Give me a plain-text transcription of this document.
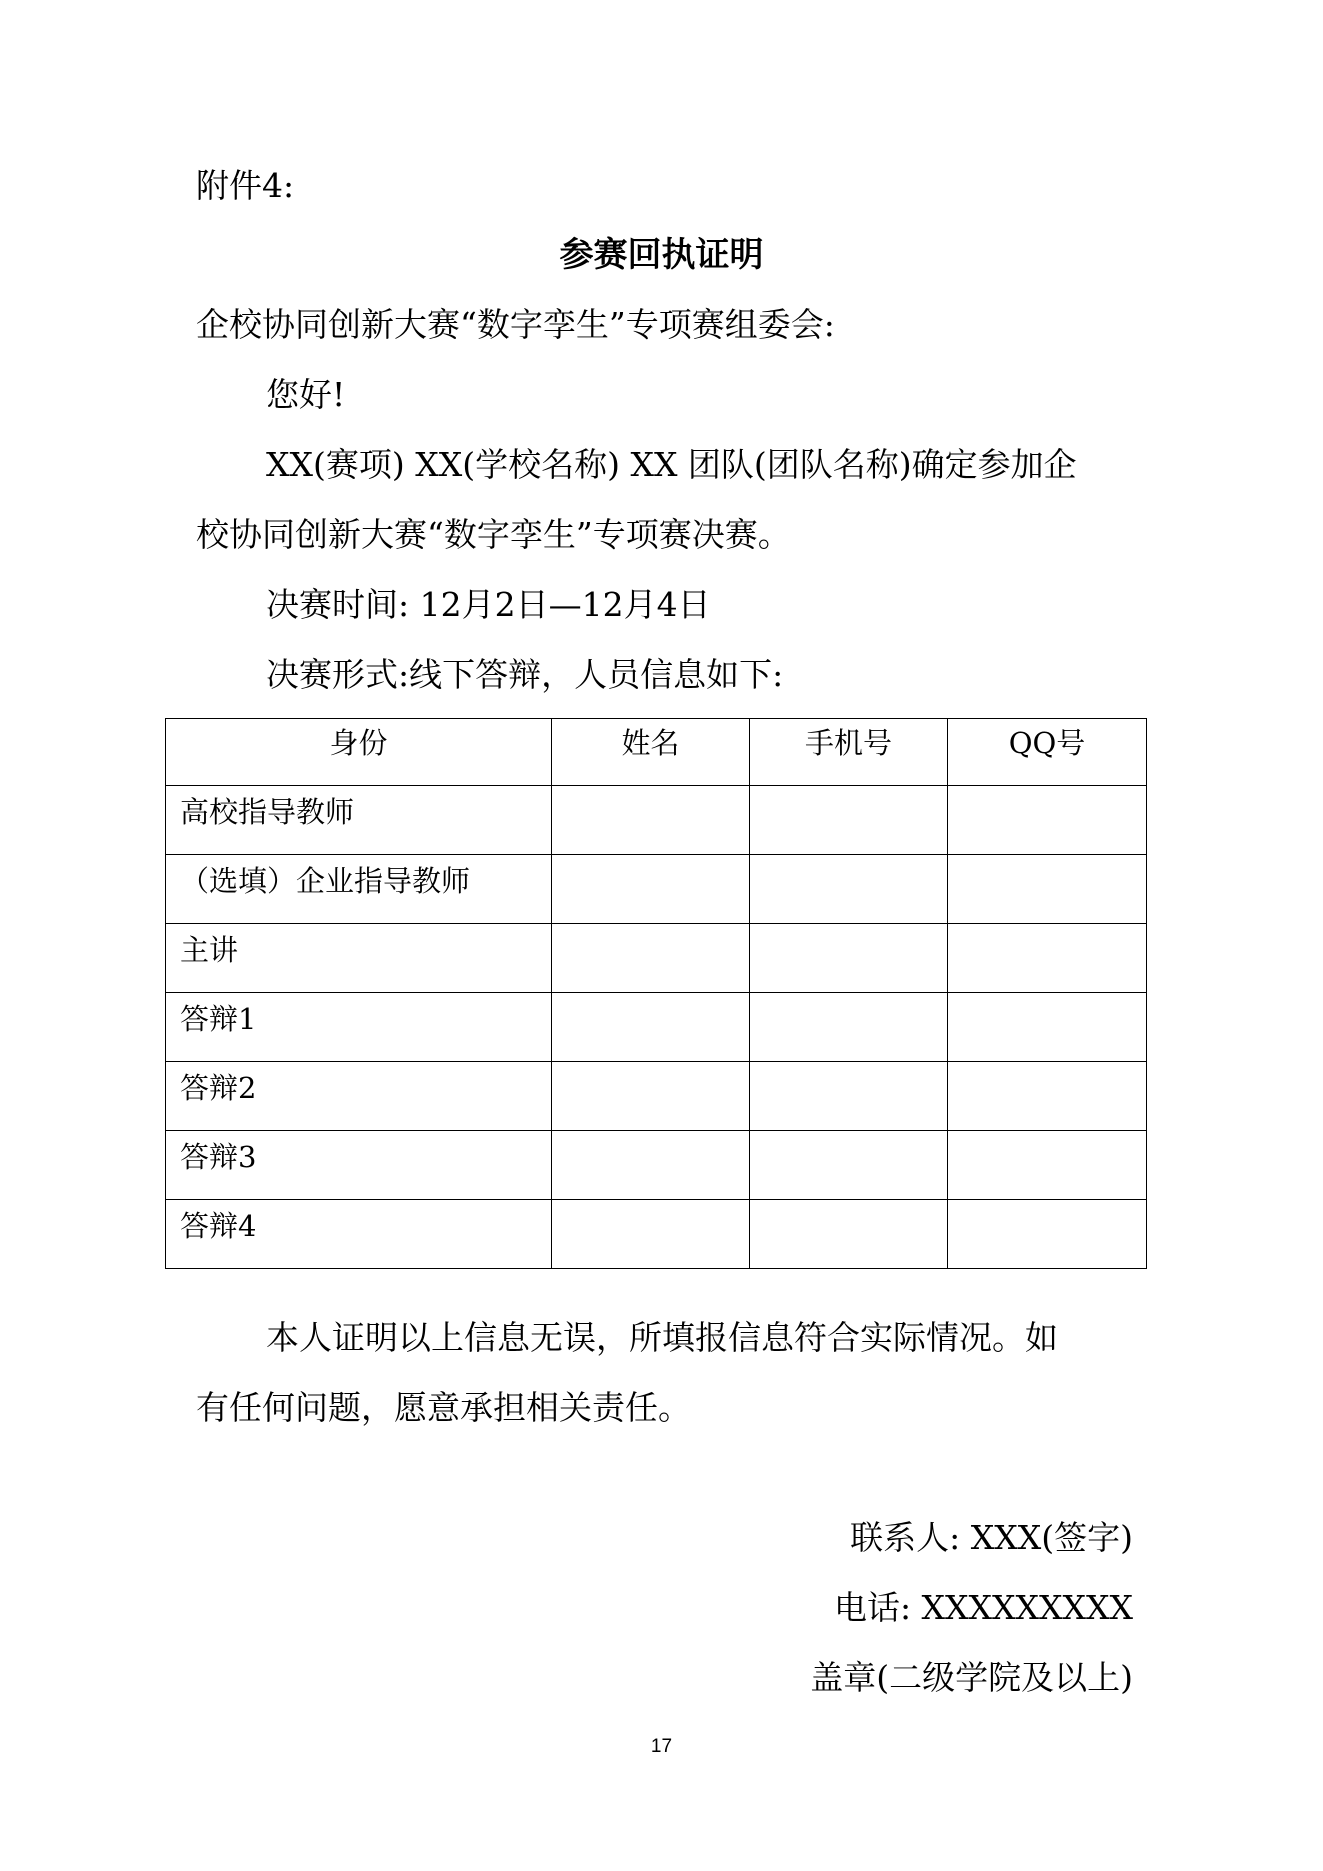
附件4:
参赛回执证明
企校协同创新大赛“数字孪生”专项赛组委会:
您好!
XX(赛项) XX(学校名称) XX 团队(团队名称)确定参加企
校协同创新大赛“数字孪生”专项赛决赛。
决赛时间: 12月2日—12月4日
决赛形式:线下答辩，人员信息如下:
身份	姓名	手机号	QQ号
高校指导教师			
（选填）企业指导教师			
主讲			
答辩1			
答辩2			
答辩3			
答辩4			
本人证明以上信息无误，所填报信息符合实际情况。如
有任何问题，愿意承担相关责任。
联系人: XXX(签字)
电话: XXXXXXXXX
盖章(二级学院及以上)
17
